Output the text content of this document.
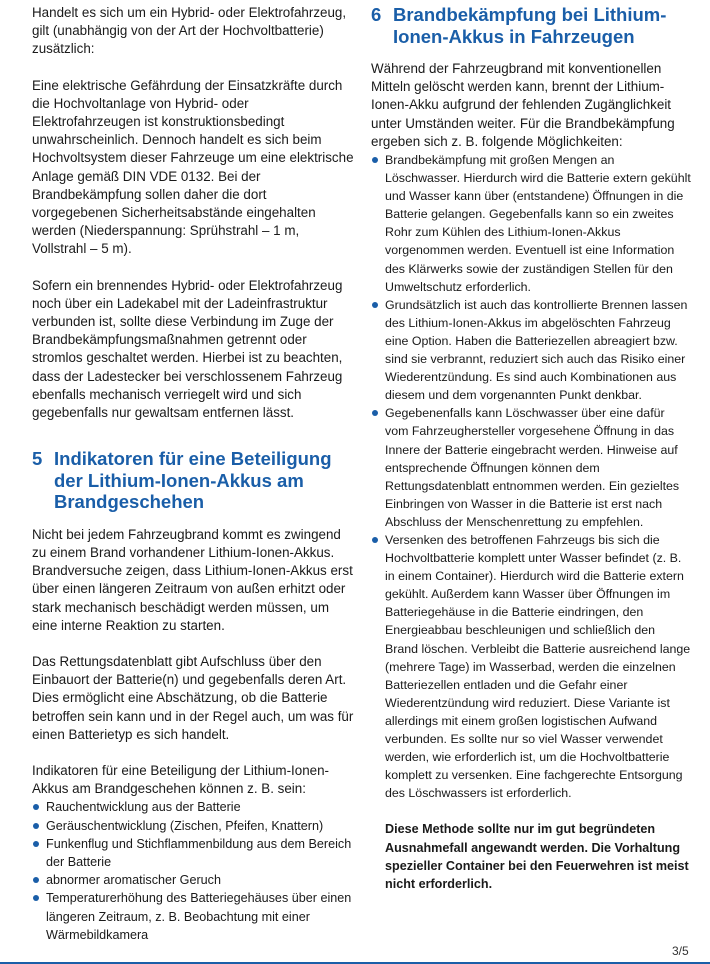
Handelt es sich um ein Hybrid- oder Elektrofahrzeug, gilt (unabhängig von der Art der Hochvoltbatterie) zusätzlich:

Eine elektrische Gefährdung der Einsatzkräfte durch die Hochvoltanlage von Hybrid- oder Elektrofahrzeugen ist konstruktionsbedingt unwahrscheinlich. Dennoch handelt es sich beim Hochvoltsystem dieser Fahrzeuge um eine elektrische Anlage gemäß DIN VDE 0132. Bei der Brandbekämpfung sollen daher die dort vorgegebenen Sicherheitsabstände eingehalten werden (Niederspannung: Sprühstrahl – 1 m, Vollstrahl – 5 m).

Sofern ein brennendes Hybrid- oder Elektrofahrzeug noch über ein Ladekabel mit der Ladeinfrastruktur verbunden ist, sollte diese Verbindung im Zuge der Brandbekämpfungsmaßnahmen getrennt oder stromlos geschaltet werden. Hierbei ist zu beachten, dass der Ladestecker bei verschlossenem Fahrzeug ebenfalls mechanisch verriegelt wird und sich gegebenfalls nur gewaltsam entfernen lässt.

5 Indikatoren für eine Beteiligung der Lithium-Ionen-Akkus am Brandgeschehen

Nicht bei jedem Fahrzeugbrand kommt es zwingend zu einem Brand vorhandener Lithium-Ionen-Akkus. Brandversuche zeigen, dass Lithium-Ionen-Akkus erst über einen längeren Zeitraum von außen erhitzt oder stark mechanisch beschädigt werden müssen, um eine interne Reaktion zu starten.

Das Rettungsdatenblatt gibt Aufschluss über den Einbauort der Batterie(n) und gegebenfalls deren Art. Dies ermöglicht eine Abschätzung, ob die Batterie betroffen sein kann und in der Regel auch, um was für einen Batterietyp es sich handelt.

Indikatoren für eine Beteiligung der Lithium-Ionen-Akkus am Brandgeschehen können z. B. sein:

Rauchentwicklung aus der Batterie
Geräuschentwicklung (Zischen, Pfeifen, Knattern)
Funkenflug und Stichflammenbildung aus dem Bereich der Batterie
abnormer aromatischer Geruch
Temperaturerhöhung des Batteriegehäuses über einen längeren Zeitraum, z. B. Beobachtung mit einer Wärmebildkamera
6 Brandbekämpfung bei Lithium-Ionen-Akkus in Fahrzeugen

Während der Fahrzeugbrand mit konventionellen Mitteln gelöscht werden kann, brennt der Lithium-Ionen-Akku aufgrund der fehlenden Zugänglichkeit unter Umständen weiter. Für die Brandbekämpfung ergeben sich z. B. folgende Möglichkeiten:

Brandbekämpfung mit großen Mengen an Löschwasser. Hierdurch wird die Batterie extern gekühlt und Wasser kann über (entstandene) Öffnungen in die Batterie gelangen. Gegebenfalls kann so ein zweites Rohr zum Kühlen des Lithium-Ionen-Akkus vorgenommen werden. Eventuell ist eine Information des Klärwerks sowie der zuständigen Stellen für den Umweltschutz erforderlich.
Grundsätzlich ist auch das kontrollierte Brennen lassen des Lithium-Ionen-Akkus im abgelöschten Fahrzeug eine Option. Haben die Batteriezellen abreagiert bzw. sind sie verbrannt, reduziert sich auch das Risiko einer Wiederentzündung. Es sind auch Kombinationen aus diesem und dem vorgenannten Punkt denkbar.
Gegebenenfalls kann Löschwasser über eine dafür vom Fahrzeughersteller vorgesehene Öffnung in das Innere der Batterie eingebracht werden. Hinweise auf entsprechende Öffnungen können dem Rettungsdatenblatt entnommen werden. Ein gezieltes Einbringen von Wasser in die Batterie ist erst nach Abschluss der Menschenrettung zu empfehlen.
Versenken des betroffenen Fahrzeugs bis sich die Hochvoltbatterie komplett unter Wasser befindet (z. B. in einem Container). Hierdurch wird die Batterie extern gekühlt. Außerdem kann Wasser über Öffnungen im Batteriegehäuse in die Batterie eindringen, den Energieabbau beschleunigen und schließlich den Brand löschen. Verbleibt die Batterie ausreichend lange (mehrere Tage) im Wasserbad, werden die einzelnen Batteriezellen entladen und die Gefahr einer Wiederentzündung wird reduziert. Diese Variante ist allerdings mit einem großen logistischen Aufwand verbunden. Es sollte nur so viel Wasser verwendet werden, wie erforderlich ist, um die Hochvoltbatterie komplett zu versenken. Eine fachgerechte Entsorgung des Löschwassers ist erforderlich.

Diese Methode sollte nur im gut begründeten Ausnahmefall angewandt werden. Die Vorhaltung spezieller Container bei den Feuerwehren ist meist nicht erforderlich.

3/5
